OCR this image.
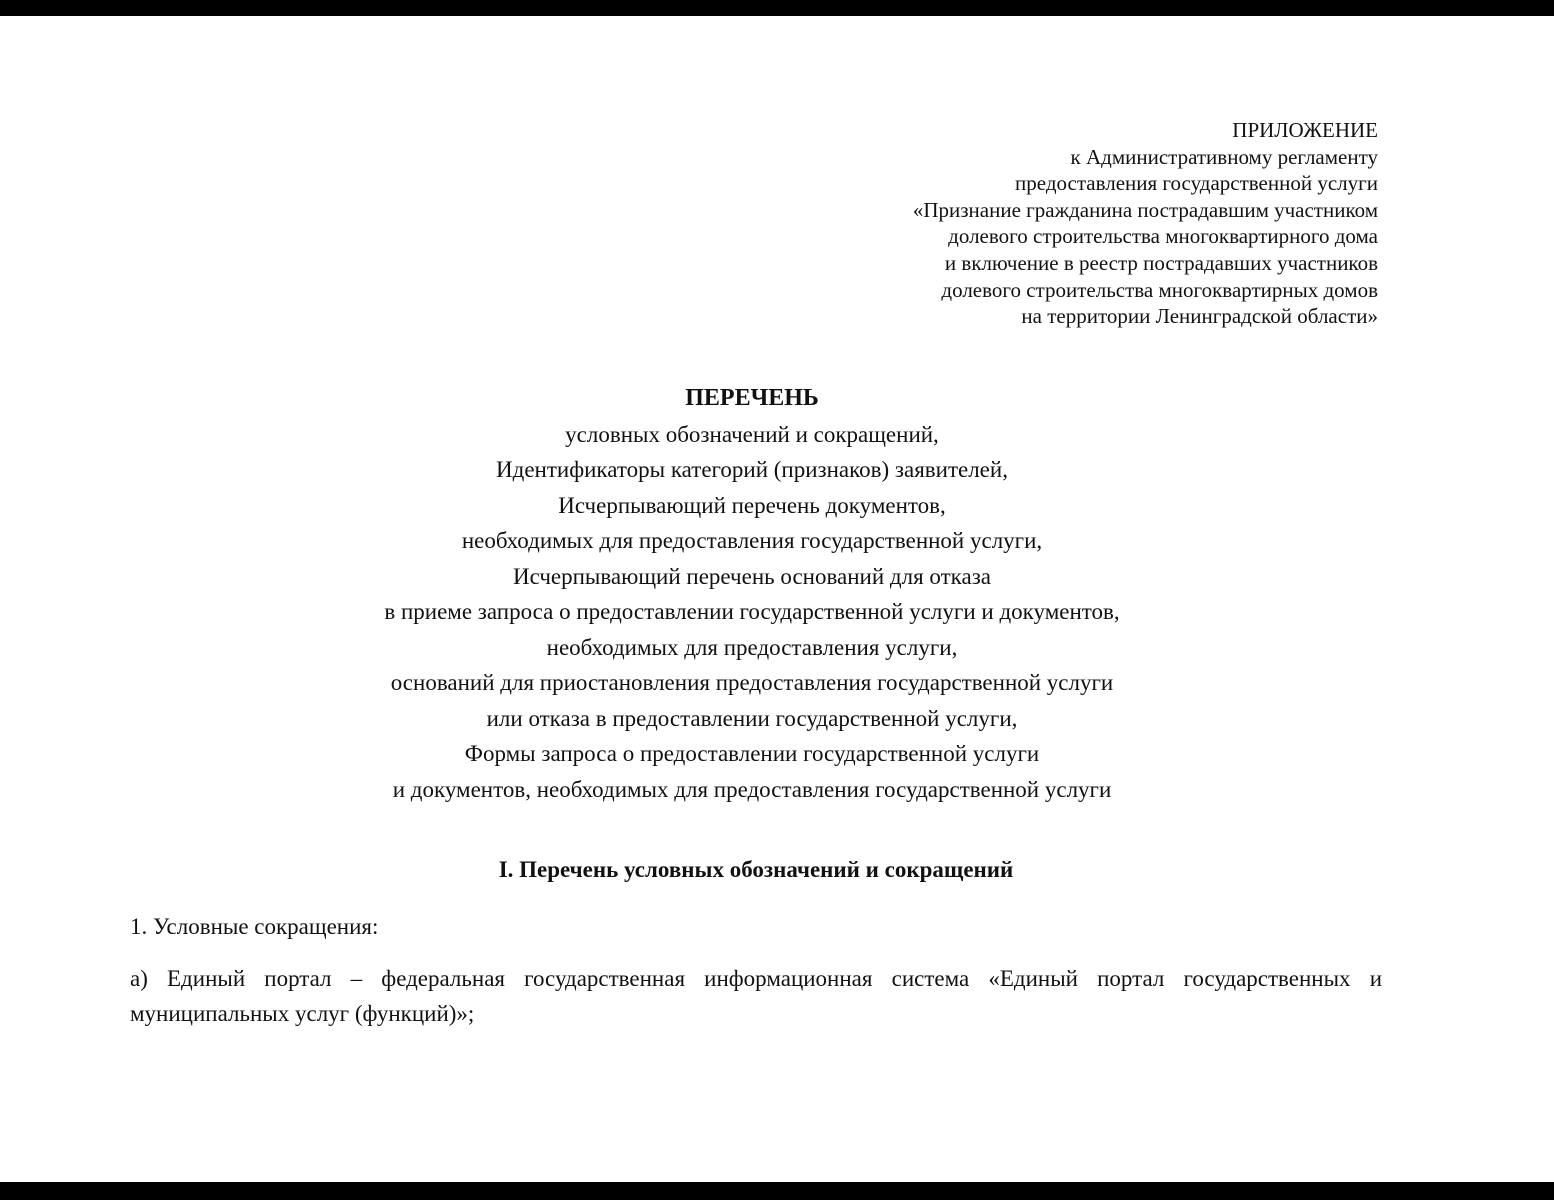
ПРИЛОЖЕНИЕ
к Административному регламенту
предоставления государственной услуги
«Признание гражданина пострадавшим участником
долевого строительства многоквартирного дома
и включение в реестр пострадавших участников
долевого строительства многоквартирных домов
на территории Ленинградской области»
ПЕРЕЧЕНЬ
условных обозначений и сокращений,
Идентификаторы категорий (признаков) заявителей,
Исчерпывающий перечень документов,
необходимых для предоставления государственной услуги,
Исчерпывающий перечень оснований для отказа
в приеме запроса о предоставлении государственной услуги и документов,
необходимых для предоставления услуги,
оснований для приостановления предоставления государственной услуги
или отказа в предоставлении государственной услуги,
Формы запроса о предоставлении государственной услуги
и документов, необходимых для предоставления государственной услуги
I. Перечень условных обозначений и сокращений
1. Условные сокращения:
а) Единый портал – федеральная государственная информационная система «Единый портал государственных и муниципальных услуг (функций)»;
